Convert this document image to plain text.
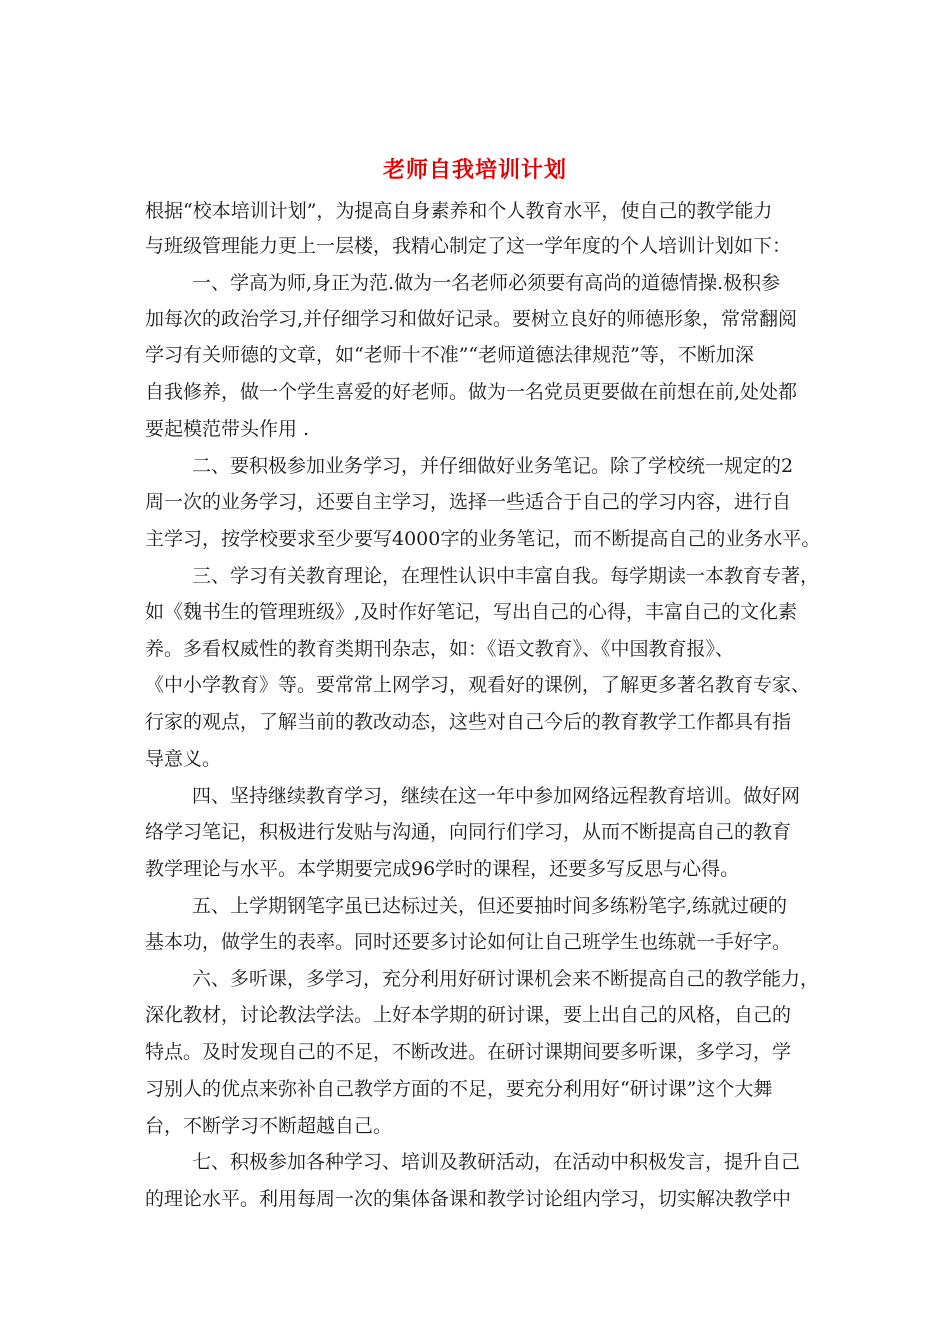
老师自我培训计划
根据“校本培训计划”，为提高自身素养和个人教育水平，使自己的教学能力
与班级管理能力更上一层楼，我精心制定了这一学年度的个人培训计划如下：
一、学高为师,身正为范.做为一名老师必须要有高尚的道德情操.极积参
加每次的政治学习,并仔细学习和做好记录。要树立良好的师德形象，常常翻阅
学习有关师德的文章，如“老师十不准”“老师道德法律规范”等，不断加深
自我修养，做一个学生喜爱的好老师。做为一名党员更要做在前想在前,处处都
要起模范带头作用 .
二、要积极参加业务学习，并仔细做好业务笔记。除了学校统一规定的2
周一次的业务学习，还要自主学习，选择一些适合于自己的学习内容，进行自
主学习，按学校要求至少要写4000字的业务笔记，而不断提高自己的业务水平。
三、学习有关教育理论，在理性认识中丰富自我。每学期读一本教育专著，
如《魏书生的管理班级》,及时作好笔记，写出自己的心得，丰富自己的文化素
养。多看权威性的教育类期刊杂志，如：《语文教育》、《中国教育报》、
《中小学教育》等。要常常上网学习，观看好的课例，了解更多著名教育专家、
行家的观点，了解当前的教改动态，这些对自己今后的教育教学工作都具有指
导意义。
四、坚持继续教育学习，继续在这一年中参加网络远程教育培训。做好网
络学习笔记，积极进行发贴与沟通，向同行们学习，从而不断提高自己的教育
教学理论与水平。本学期要完成96学时的课程，还要多写反思与心得。
五、上学期钢笔字虽已达标过关，但还要抽时间多练粉笔字,练就过硬的
基本功，做学生的表率。同时还要多讨论如何让自己班学生也练就一手好字。
六、多听课，多学习，充分利用好研讨课机会来不断提高自己的教学能力，
深化教材，讨论教法学法。上好本学期的研讨课，要上出自己的风格，自己的
特点。及时发现自己的不足，不断改进。在研讨课期间要多听课，多学习，学
习别人的优点来弥补自己教学方面的不足，要充分利用好“研讨课”这个大舞
台，不断学习不断超越自己。
七、积极参加各种学习、培训及教研活动，在活动中积极发言，提升自己
的理论水平。利用每周一次的集体备课和教学讨论组内学习，切实解决教学中
